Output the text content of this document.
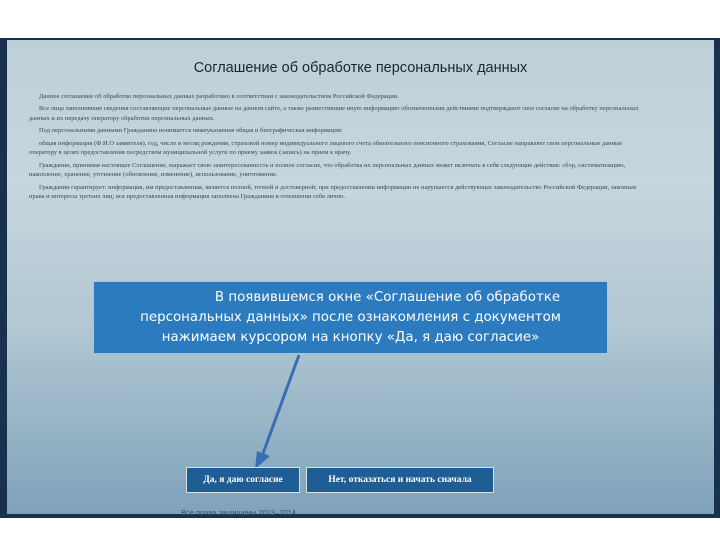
Соглашение об обработке персональных данных

Данное соглашение об обработке персональных данных разработано в соответствии с законодательством Российской Федерации.

Все лица заполнившие сведения составляющие персональные данные на данном сайте, а также разместившие иную информацию обозначенными действиями подтверждают свое согласие на обработку персональных данных и их передачу оператору обработки персональных данных.

Под персональными данными Гражданина понимается нижеуказанная общая и биографическая информация:

общая информация (Ф.И.О заявителя), год, число и месяц рождения, страховой номер индивидуального лицевого счета обязательного пенсионного страхования, Согласие направляет свои персональные данные оператору в целях предоставления посредством муниципальной услуги по приему заявок (запись) на прием к врачу.

Гражданин, принимая настоящее Соглашение, выражает свою заинтересованность и полное согласие, что обработка их персональных данных может включать в себя следующие действия: сбор, систематизацию, накопление, хранение, уточнение (обновление, изменение), использование, уничтожение.

Гражданин гарантирует: информация, им предоставленная, является полной, точной и достоверной; при предоставлении информации не нарушается действующее законодательство Российской Федерации, законные права и интересы третьих лиц; вся предоставленная информация заполнена Гражданина в отношении себя лично.

В появившемся окне «Соглашение об обработке персональных данных» после ознакомления с документом нажимаем курсором на кнопку «Да, я даю согласие»
Да, я даю согласие	Нет, отказаться и начать сначала
Все права защищены 2013–2014
